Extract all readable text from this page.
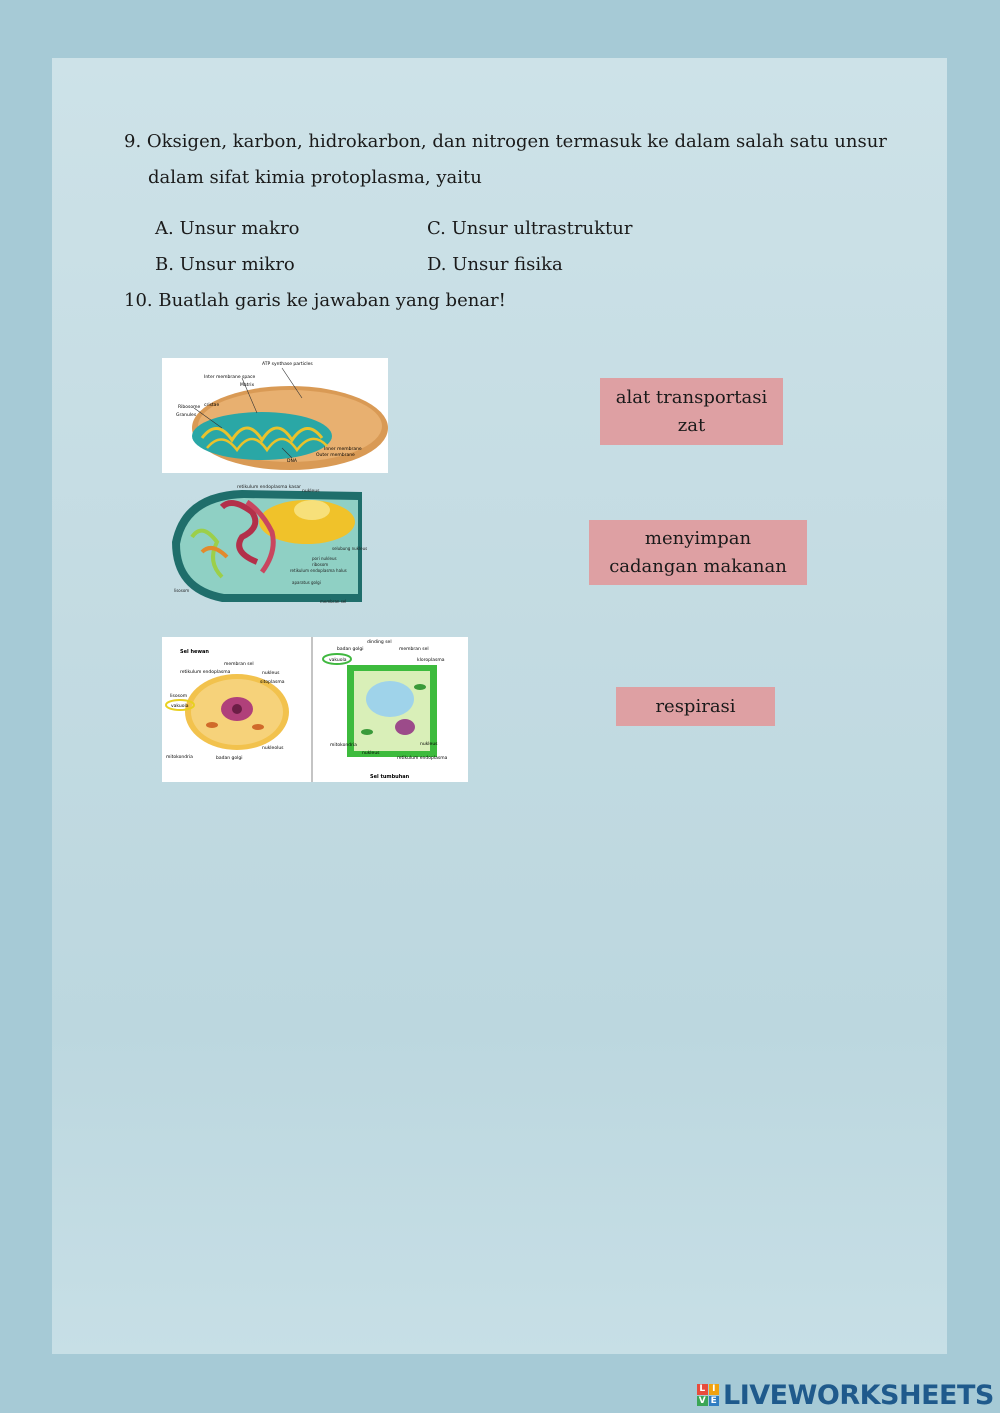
9. Oksigen, karbon, hidrokarbon, dan nitrogen termasuk ke dalam salah satu unsur
dalam sifat kimia protoplasma, yaitu
A. Unsur makro
B. Unsur mikro
C. Unsur ultrastruktur
D. Unsur fisika
10. Buatlah garis ke jawaban yang benar!
ATP synthase particles
Inter membrane space
Matrix
Ribosome
Granules
cristae
DNA
Inner membrane
Outer membrane
retikulum endoplasma kasar
nukleus
selubung nukleus
pori nukleus
ribosom
retikulum endoplasma halus
aparatus golgi
membran sel
lisosom
Sel hewan
retikulum endoplasma
membran sel
nukleus
sitoplasma
lisosom
vakuola
mitokondria	badan golgi
nukleolus
dinding sel
badan golgi	membran sel
vakuola	kloroplasma
mitokondria
nukleus
nukleus
retikulum endoplasma
Sel tumbuhan
alat transportasi
zat
menyimpan
cadangan makanan
respirasi
L I
V E LIVEWORKSHEETS
